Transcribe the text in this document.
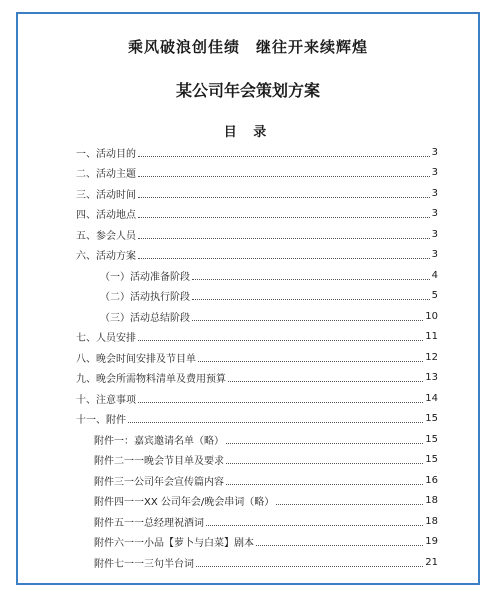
乘风破浪创佳绩 继往开来续辉煌
某公司年会策划方案
目 录
一、活动目的	3
二、活动主题	3
三、活动时间	3
四、活动地点	3
五、参会人员	3
六、活动方案	3
（一）活动准备阶段	4
（二）活动执行阶段	5
（三）活动总结阶段	10
七、人员安排	11
八、晚会时间安排及节目单	12
九、晚会所需物料清单及费用预算	13
十、注意事项	14
十一、附件	15
附件一：嘉宾邀请名单（略）	15
附件二一一晚会节目单及要求	15
附件三一公司年会宣传篇内容	16
附件四一一XX 公司年会/晚会串词（略）	18
附件五一一总经理祝酒词	18
附件六一一小品【萝卜与白菜】剧本	19
附件七一一三句半台词	21
